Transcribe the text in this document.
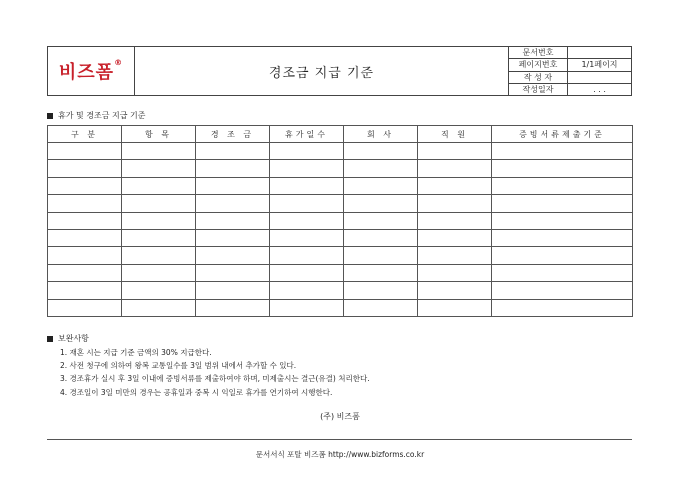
비즈폼®
경조금 지급 기준
문서번호
페이지번호	1/1페이지
작 성 자
작성일자	. . .
휴가 및 경조금 지급 기준
구 분	항 목	경 조 금	휴가일수	회 사	직 원	증빙서류제출기준

보완사항
1. 재혼 시는 지급 기준 금액의 30% 지급한다.
2. 사전 청구에 의하여 왕복 교통일수를 3일 범위 내에서 추가할 수 있다.
3. 경조휴가 실시 후 3일 이내에 증빙서류를 제출하여야 하며, 미제출시는 결근(유결) 처리한다.
4. 경조일이 3일 미만의 경우는 공휴일과 중복 시 익일로 휴가를 연기하여 시행한다.
(주) 비즈폼
문서서식 포탈 비즈폼 http://www.bizforms.co.kr
